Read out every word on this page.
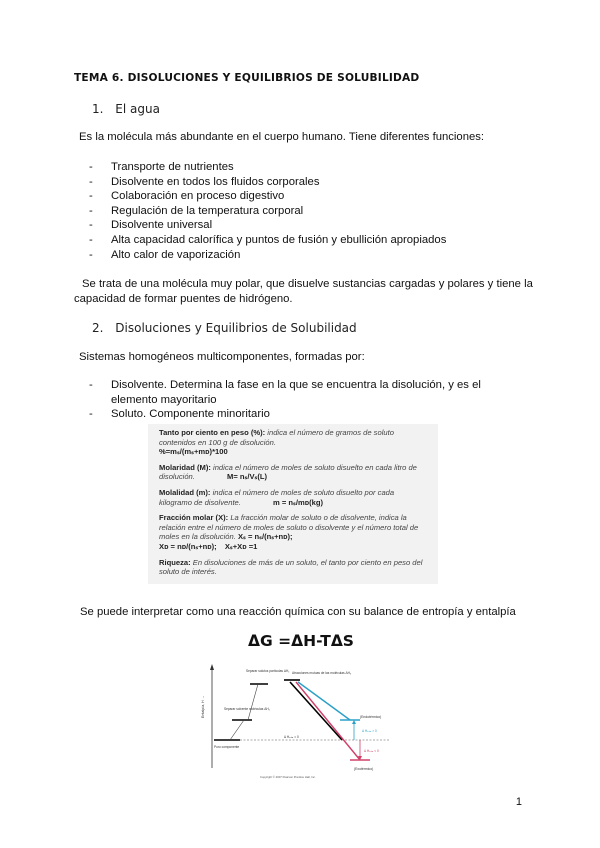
TEMA 6. DISOLUCIONES Y EQUILIBRIOS DE SOLUBILIDAD
1. El agua
Es la molécula más abundante en el cuerpo humano. Tiene diferentes funciones:
- Transporte de nutrientes
- Disolvente en todos los fluidos corporales
- Colaboración en proceso digestivo
- Regulación de la temperatura corporal
- Disolvente universal
- Alta capacidad calorífica y puntos de fusión y ebullición apropiados
- Alto calor de vaporización
Se trata de una molécula muy polar, que disuelve sustancias cargadas y polares y tiene la capacidad de formar puentes de hidrógeno.
2. Disoluciones y Equilibrios de Solubilidad
Sistemas homogéneos multicomponentes, formadas por:
- Disolvente. Determina la fase en la que se encuentra la disolución, y es el elemento mayoritario
- Soluto. Componente minoritario
Tanto por ciento en peso (%): indica el número de gramos de soluto contenidos en 100 g de disolución.
%=mₛ/(mₛ+mᴅ)*100
Molaridad (M): indica el número de moles de soluto disuelto en cada litro de disolución.	M= nₛ/Vₛ(L)
Molalidad (m): indica el número de moles de soluto disuelto por cada kilogramo de disolvente.	m = nₛ/mᴅ(kg)
Fracción molar (X): La fracción molar de soluto o de disolvente, indica la relación entre el número de moles de soluto o disolvente y el número total de moles en la disolución. Xₛ = nₛ/(nₛ+nᴅ);
Xᴅ = nᴅ/(nₛ+nᴅ); Xₛ+Xᴅ =1
Riqueza: En disoluciones de más de un soluto, el tanto por ciento en peso del soluto de interés.
Se puede interpretar como una reacción química con su balance de entropía y entalpía
ΔG =ΔH-TΔS
Entalpía, H →
Separar solutos partículas ΔH₁
Separar solvente moléculas ΔH₂
Atracciones mutuas de las moléculas ΔH₃
Puro componente
(Endotérmico)
(Exotérmico)
Δ Hₛₒₗₙ = 0
Δ Hₛₒₗₙ > 0
Δ Hₛₒₗₙ < 0
Copyright © 2007 Pearson Prentice Hall, Inc.
1
